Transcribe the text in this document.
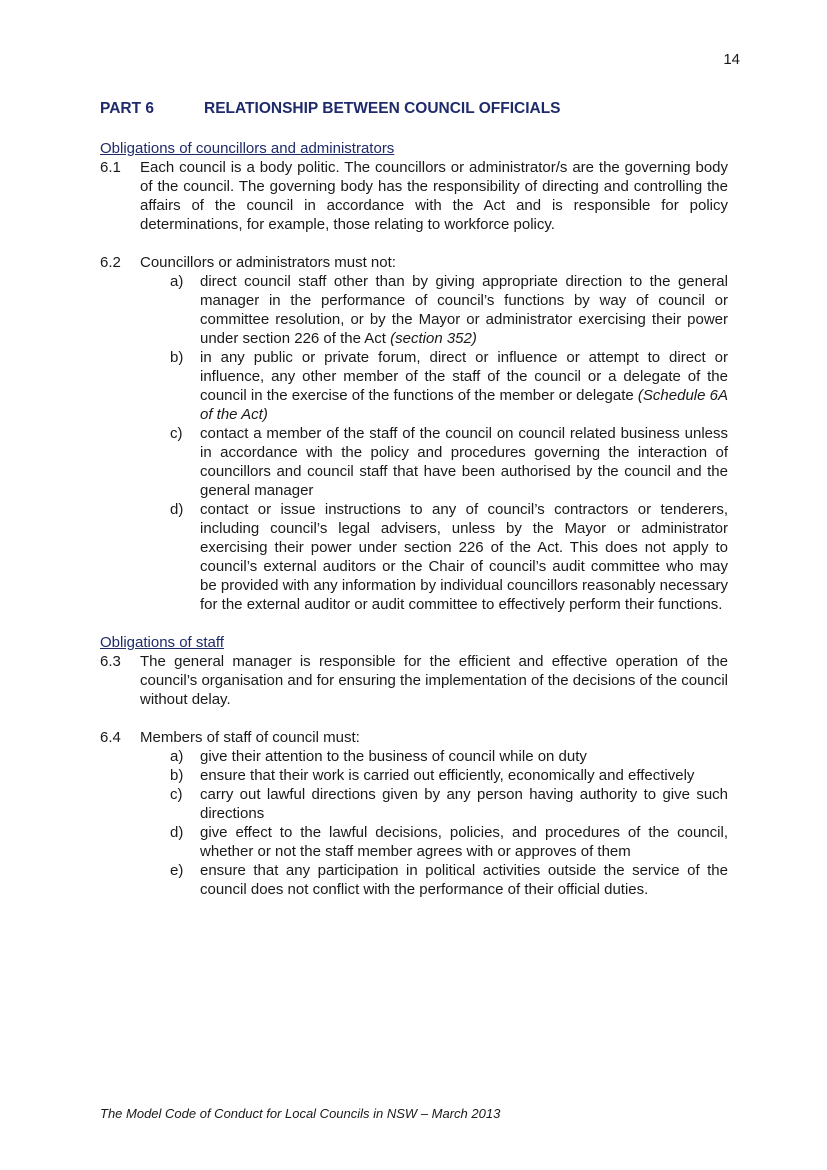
14
PART 6	RELATIONSHIP BETWEEN COUNCIL OFFICIALS

Obligations of councillors and administrators

6.1	Each council is a body politic. The councillors or administrator/s are the governing body of the council. The governing body has the responsibility of directing and controlling the affairs of the council in accordance with the Act and is responsible for policy determinations, for example, those relating to workforce policy.
6.2	Councillors or administrators must not:
a)	direct council staff other than by giving appropriate direction to the general manager in the performance of council’s functions by way of council or committee resolution, or by the Mayor or administrator exercising their power under section 226 of the Act (section 352)
b)	in any public or private forum, direct or influence or attempt to direct or influence, any other member of the staff of the council or a delegate of the council in the exercise of the functions of the member or delegate (Schedule 6A of the Act)
c)	contact a member of the staff of the council on council related business unless in accordance with the policy and procedures governing the interaction of councillors and council staff that have been authorised by the council and the general manager
d)	contact or issue instructions to any of council’s contractors or tenderers, including council’s legal advisers, unless by the Mayor or administrator exercising their power under section 226 of the Act. This does not apply to council’s external auditors or the Chair of council’s audit committee who may be provided with any information by individual councillors reasonably necessary for the external auditor or audit committee to effectively perform their functions.

Obligations of staff

6.3	The general manager is responsible for the efficient and effective operation of the council’s organisation and for ensuring the implementation of the decisions of the council without delay.
6.4	Members of staff of council must:
a)	give their attention to the business of council while on duty
b)	ensure that their work is carried out efficiently, economically and effectively
c)	carry out lawful directions given by any person having authority to give such directions
d)	give effect to the lawful decisions, policies, and procedures of the council, whether or not the staff member agrees with or approves of them
e)	ensure that any participation in political activities outside the service of the council does not conflict with the performance of their official duties.
The Model Code of Conduct for Local Councils in NSW – March 2013
